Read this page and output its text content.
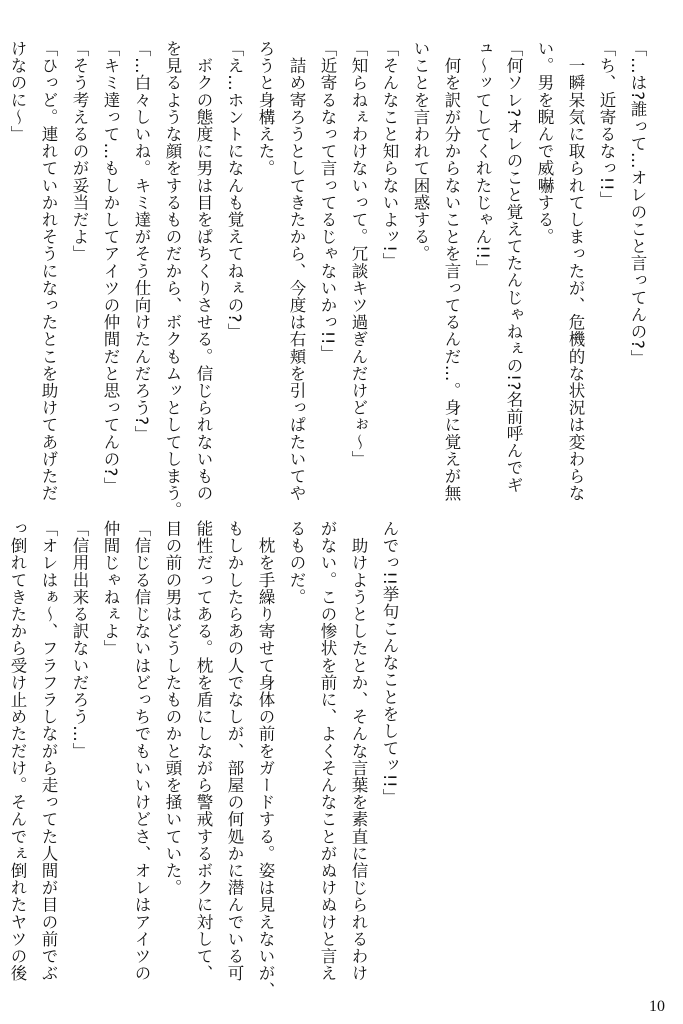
「…は?誰って…オレのこと言ってんの?」
「ち、近寄るなっ!!」
　一瞬呆気に取られてしまったが、危機的な状況は変わらな
い。男を睨んで威嚇する。
「何ソレ?オレのこと覚えてたんじゃねぇの!?名前呼んでギ
ュ～ッてしてくれたじゃん!!」
　何を訳が分からないことを言ってるんだ…。身に覚えが無
いことを言われて困惑する。
「そんなこと知らないよッ!」
「知らねぇわけないって。冗談キツ過ぎんだけどぉ～」
「近寄るなって言ってるじゃないかっ!!」
　詰め寄ろうとしてきたから、今度は右頬を引っぱたいてや
ろうと身構えた。
「え…ホントになんも覚えてねぇの?」
　ボクの態度に男は目をぱちくりさせる。信じられないもの
を見るような顔をするものだから、ボクもムッとしてしまう。
「…白々しいね。キミ達がそう仕向けたんだろう?」
「キミ達って…もしかしてアイツの仲間だと思ってんの?」
「そう考えるのが妥当だよ」
「ひっど。連れていかれそうになったとこを助けてあげただ
けなのに～」
んでっ!!挙句こんなことをしてッ!!」
　助けようとしたとか、そんな言葉を素直に信じられるわけ
がない。この惨状を前に、よくそんなことがぬけぬけと言え
るものだ。
　枕を手繰り寄せて身体の前をガードする。姿は見えないが、
もしかしたらあの人でなしが、部屋の何処かに潜んでいる可
能性だってある。枕を盾にしながら警戒するボクに対して、
目の前の男はどうしたものかと頭を掻いていた。
「信じる信じないはどっちでもいいけどさ、オレはアイツの
仲間じゃねぇよ」
「信用出来る訳ないだろう…」
「オレはぁ～、フラフラしながら走ってた人間が目の前でぶ
っ倒れてきたから受け止めただけ。そんでぇ倒れたヤツの後
10
